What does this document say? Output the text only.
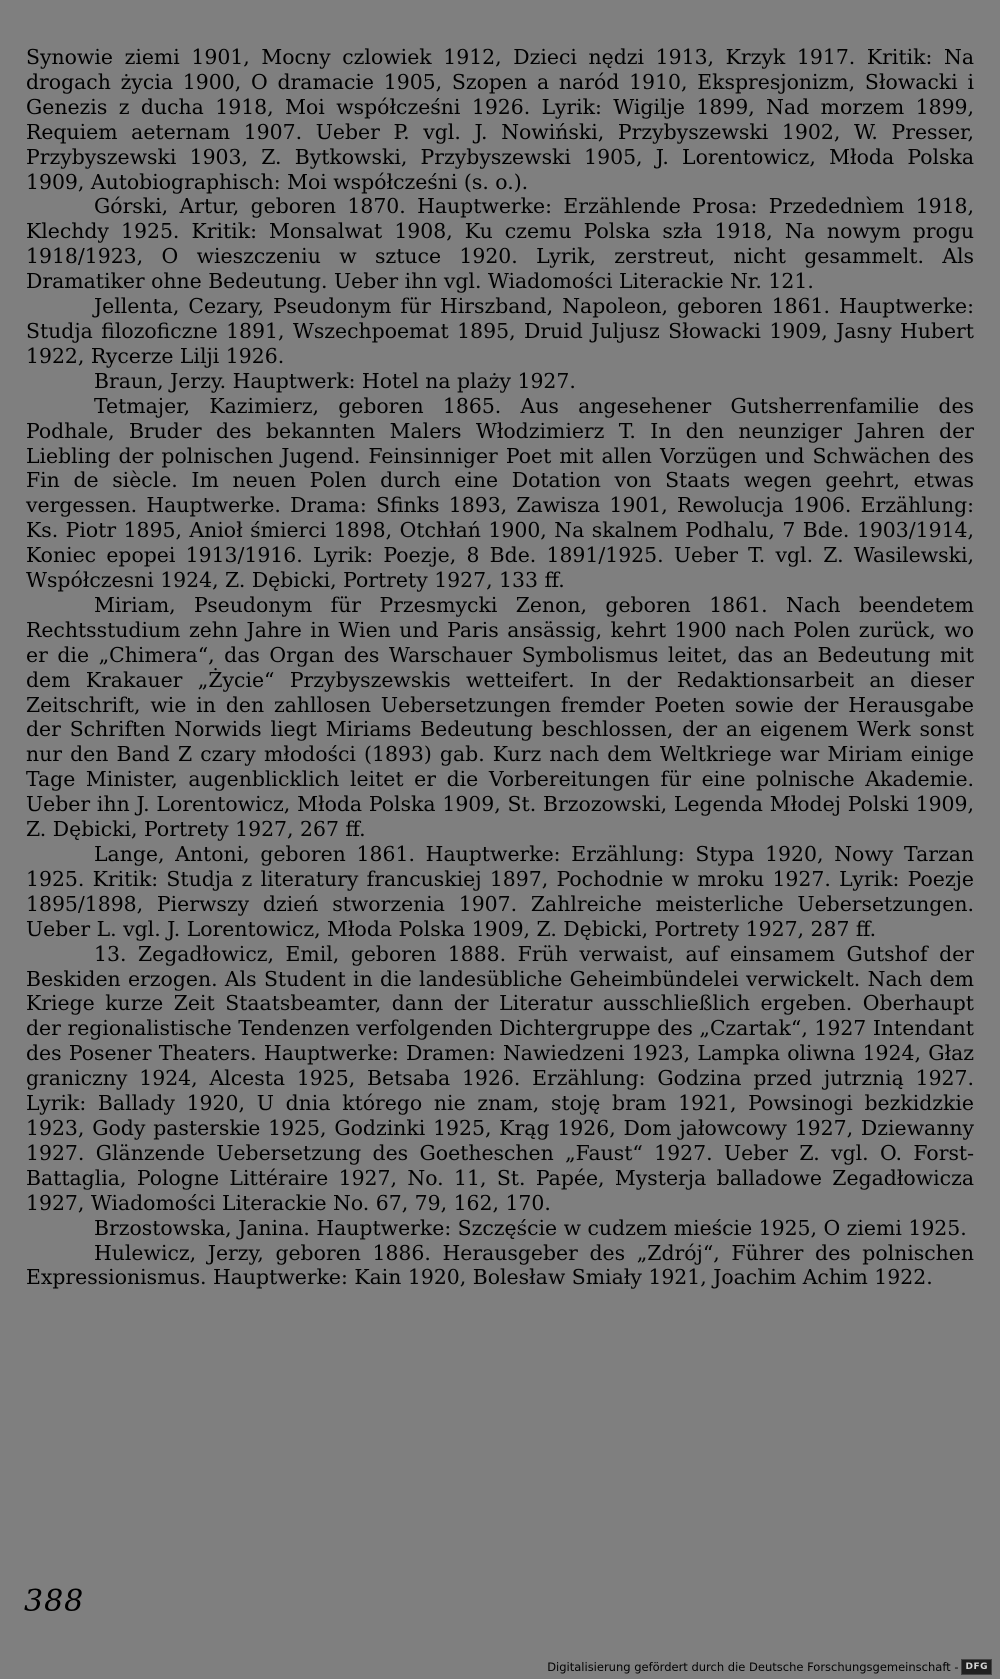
Synowie ziemi 1901, Mocny czlowiek 1912, Dzieci nędzi 1913, Krzyk 1917. Kritik: Na drogach życia 1900, O dramacie 1905, Szopen a naród 1910, Ekspresjonizm, Słowacki i Genezis z ducha 1918, Moi współcześni 1926. Lyrik: Wigilje 1899, Nad morzem 1899, Requiem aeternam 1907. Ueber P. vgl. J. Nowiński, Przybyszewski 1902, W. Presser, Przybyszewski 1903, Z. Bytkowski, Przybyszewski 1905, J. Lorentowicz, Młoda Polska 1909, Autobiographisch: Moi współcześni (s. o.).

Górski, Artur, geboren 1870. Hauptwerke: Erzählende Prosa: Przedednìem 1918, Klechdy 1925. Kritik: Monsalwat 1908, Ku czemu Polska szła 1918, Na nowym progu 1918/1923, O wieszczeniu w sztuce 1920. Lyrik, zerstreut, nicht gesammelt. Als Dramatiker ohne Bedeutung. Ueber ihn vgl. Wiadomości Literackie Nr. 121.

Jellenta, Cezary, Pseudonym für Hirszband, Napoleon, geboren 1861. Hauptwerke: Studja filozoficzne 1891, Wszechpoemat 1895, Druid Juljusz Słowacki 1909, Jasny Hubert 1922, Rycerze Lilji 1926.

Braun, Jerzy. Hauptwerk: Hotel na plaży 1927.

Tetmajer, Kazimierz, geboren 1865. Aus angesehener Gutsherrenfamilie des Podhale, Bruder des bekannten Malers Włodzimierz T. In den neunziger Jahren der Liebling der polnischen Jugend. Feinsinniger Poet mit allen Vorzügen und Schwächen des Fin de siècle. Im neuen Polen durch eine Dotation von Staats wegen geehrt, etwas vergessen. Hauptwerke. Drama: Sfinks 1893, Zawisza 1901, Rewolucja 1906. Erzählung: Ks. Piotr 1895, Anioł śmierci 1898, Otchłań 1900, Na skalnem Podhalu, 7 Bde. 1903/1914, Koniec epopei 1913/1916. Lyrik: Poezje, 8 Bde. 1891/1925. Ueber T. vgl. Z. Wasilewski, Współczesni 1924, Z. Dębicki, Portrety 1927, 133 ff.

Miriam, Pseudonym für Przesmycki Zenon, geboren 1861. Nach beendetem Rechtsstudium zehn Jahre in Wien und Paris ansässig, kehrt 1900 nach Polen zurück, wo er die „Chimera“, das Organ des Warschauer Symbolismus leitet, das an Bedeutung mit dem Krakauer „Życie“ Przybyszewskis wetteifert. In der Redaktionsarbeit an dieser Zeitschrift, wie in den zahllosen Uebersetzungen fremder Poeten sowie der Herausgabe der Schriften Norwids liegt Miriams Bedeutung beschlossen, der an eigenem Werk sonst nur den Band Z czary młodości (1893) gab. Kurz nach dem Weltkriege war Miriam einige Tage Minister, augenblicklich leitet er die Vorbereitungen für eine polnische Akademie. Ueber ihn J. Lorentowicz, Młoda Polska 1909, St. Brzozowski, Legenda Młodej Polski 1909, Z. Dębicki, Portrety 1927, 267 ff.

Lange, Antoni, geboren 1861. Hauptwerke: Erzählung: Stypa 1920, Nowy Tarzan 1925. Kritik: Studja z literatury francuskiej 1897, Pochodnie w mroku 1927. Lyrik: Poezje 1895/1898, Pierwszy dzień stworzenia 1907. Zahlreiche meisterliche Uebersetzungen. Ueber L. vgl. J. Lorentowicz, Młoda Polska 1909, Z. Dębicki, Portrety 1927, 287 ff.

13. Zegadłowicz, Emil, geboren 1888. Früh verwaist, auf einsamem Gutshof der Beskiden erzogen. Als Student in die landesübliche Geheimbündelei verwickelt. Nach dem Kriege kurze Zeit Staatsbeamter, dann der Literatur ausschließlich ergeben. Oberhaupt der regionalistische Tendenzen verfolgenden Dichtergruppe des „Czartak“, 1927 Intendant des Posener Theaters. Hauptwerke: Dramen: Nawiedzeni 1923, Lampka oliwna 1924, Głaz graniczny 1924, Alcesta 1925, Betsaba 1926. Erzählung: Godzina przed jutrznią 1927. Lyrik: Ballady 1920, U dnia którego nie znam, stoję bram 1921, Powsinogi bezkidzkie 1923, Gody pasterskie 1925, Godzinki 1925, Krąg 1926, Dom jałowcowy 1927, Dziewanny 1927. Glänzende Uebersetzung des Goetheschen „Faust“ 1927. Ueber Z. vgl. O. Forst-Battaglia, Pologne Littéraire 1927, No. 11, St. Papée, Mysterja balladowe Zegadłowicza 1927, Wiadomości Literackie No. 67, 79, 162, 170.

Brzostowska, Janina. Hauptwerke: Szczęście w cudzem mieście 1925, O ziemi 1925.

Hulewicz, Jerzy, geboren 1886. Herausgeber des „Zdrój“, Führer des polnischen Expressionismus. Hauptwerke: Kain 1920, Bolesław Smiały 1921, Joachim Achim 1922.

388
Digitalisierung gefördert durch die Deutsche Forschungsgemeinschaft - DFG
